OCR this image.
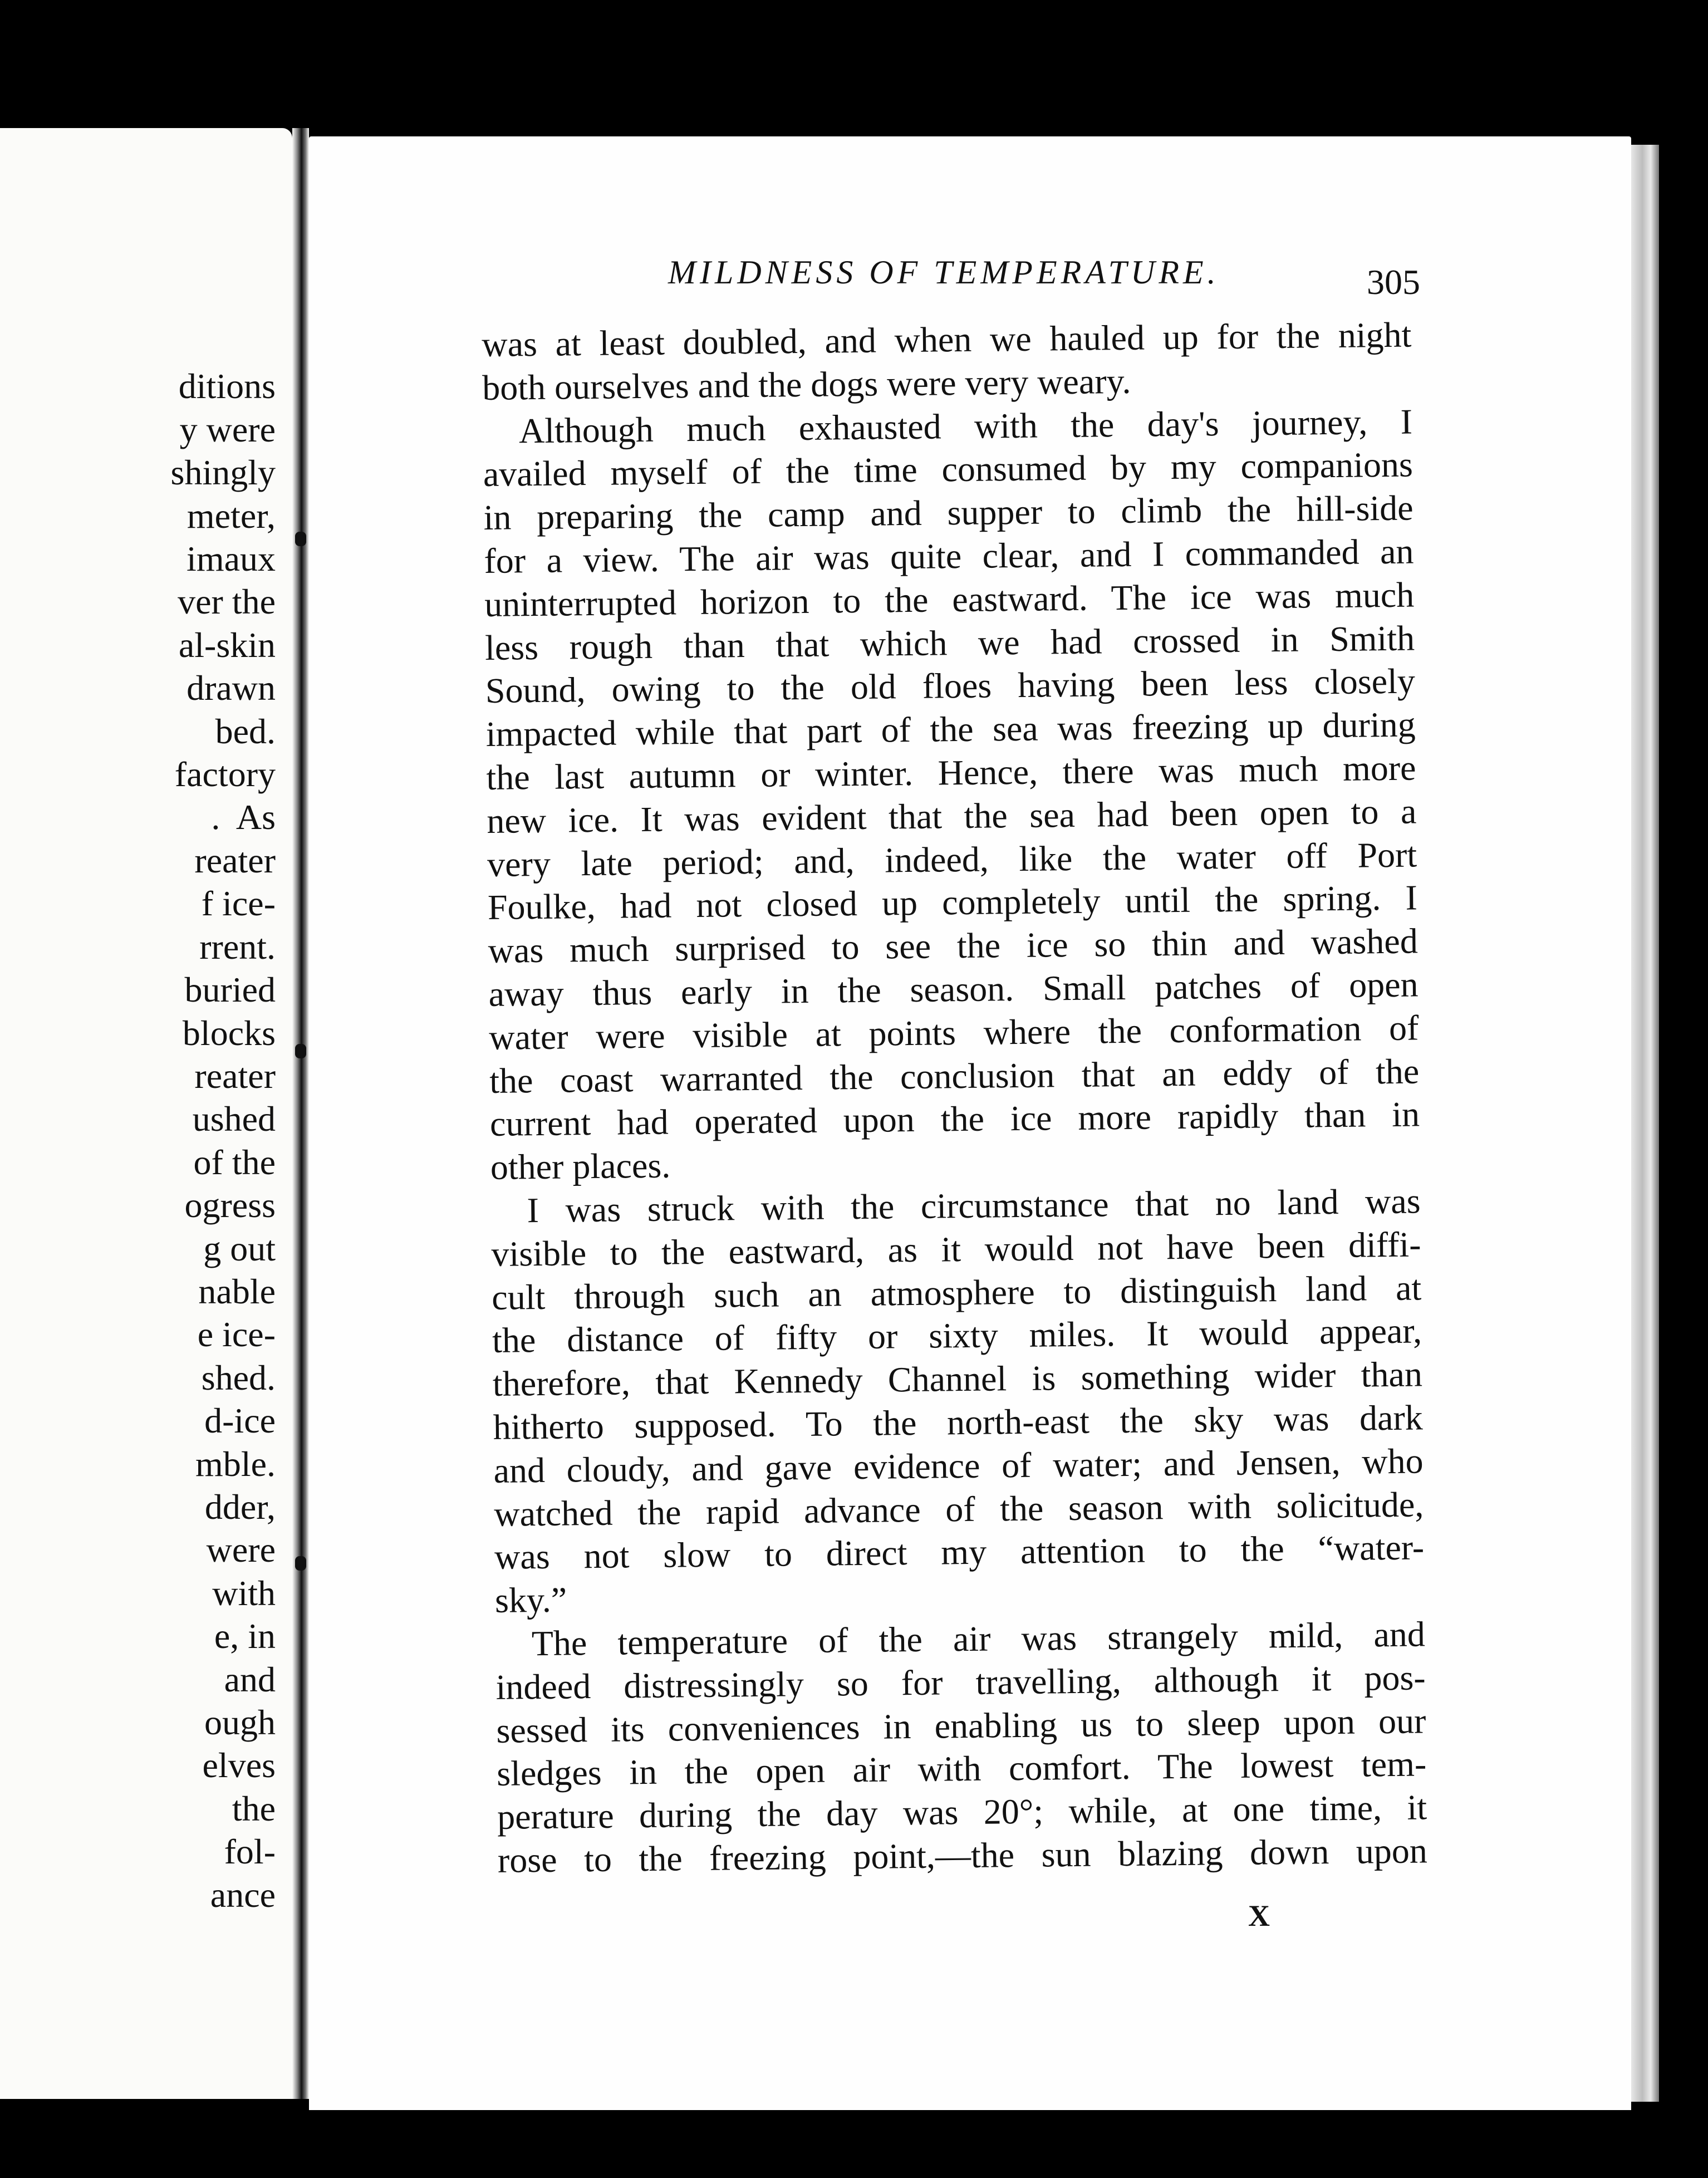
ditions
y were
shingly
meter,
imaux
ver the
al-skin
drawn
bed.
factory
.  As
reater
f ice-
rrent.
buried
blocks
reater
ushed
of the
ogress
g out
nable
e ice-
shed.
d-ice
mble.
dder,
were
with
e, in
and
ough
elves
the
fol-
ance

MILDNESS OF TEMPERATURE.	305
was at least doubled, and when we hauled up for the night
both ourselves and the dogs were very weary.
Although much exhausted with the day's journey, I
availed myself of the time consumed by my companions
in preparing the camp and supper to climb the hill-side
for a view. The air was quite clear, and I commanded an
uninterrupted horizon to the eastward. The ice was much
less rough than that which we had crossed in Smith
Sound, owing to the old floes having been less closely
impacted while that part of the sea was freezing up during
the last autumn or winter. Hence, there was much more
new ice. It was evident that the sea had been open to a
very late period; and, indeed, like the water off Port
Foulke, had not closed up completely until the spring. I
was much surprised to see the ice so thin and washed
away thus early in the season. Small patches of open
water were visible at points where the conformation of
the coast warranted the conclusion that an eddy of the
current had operated upon the ice more rapidly than in
other places.
I was struck with the circumstance that no land was
visible to the eastward, as it would not have been diffi-
cult through such an atmosphere to distinguish land at
the distance of fifty or sixty miles. It would appear,
therefore, that Kennedy Channel is something wider than
hitherto supposed. To the north-east the sky was dark
and cloudy, and gave evidence of water; and Jensen, who
watched the rapid advance of the season with solicitude,
was not slow to direct my attention to the “water-
sky.”
The temperature of the air was strangely mild, and
indeed distressingly so for travelling, although it pos-
sessed its conveniences in enabling us to sleep upon our
sledges in the open air with comfort. The lowest tem-
perature during the day was 20°; while, at one time, it
rose to the freezing point,—the sun blazing down upon
X
